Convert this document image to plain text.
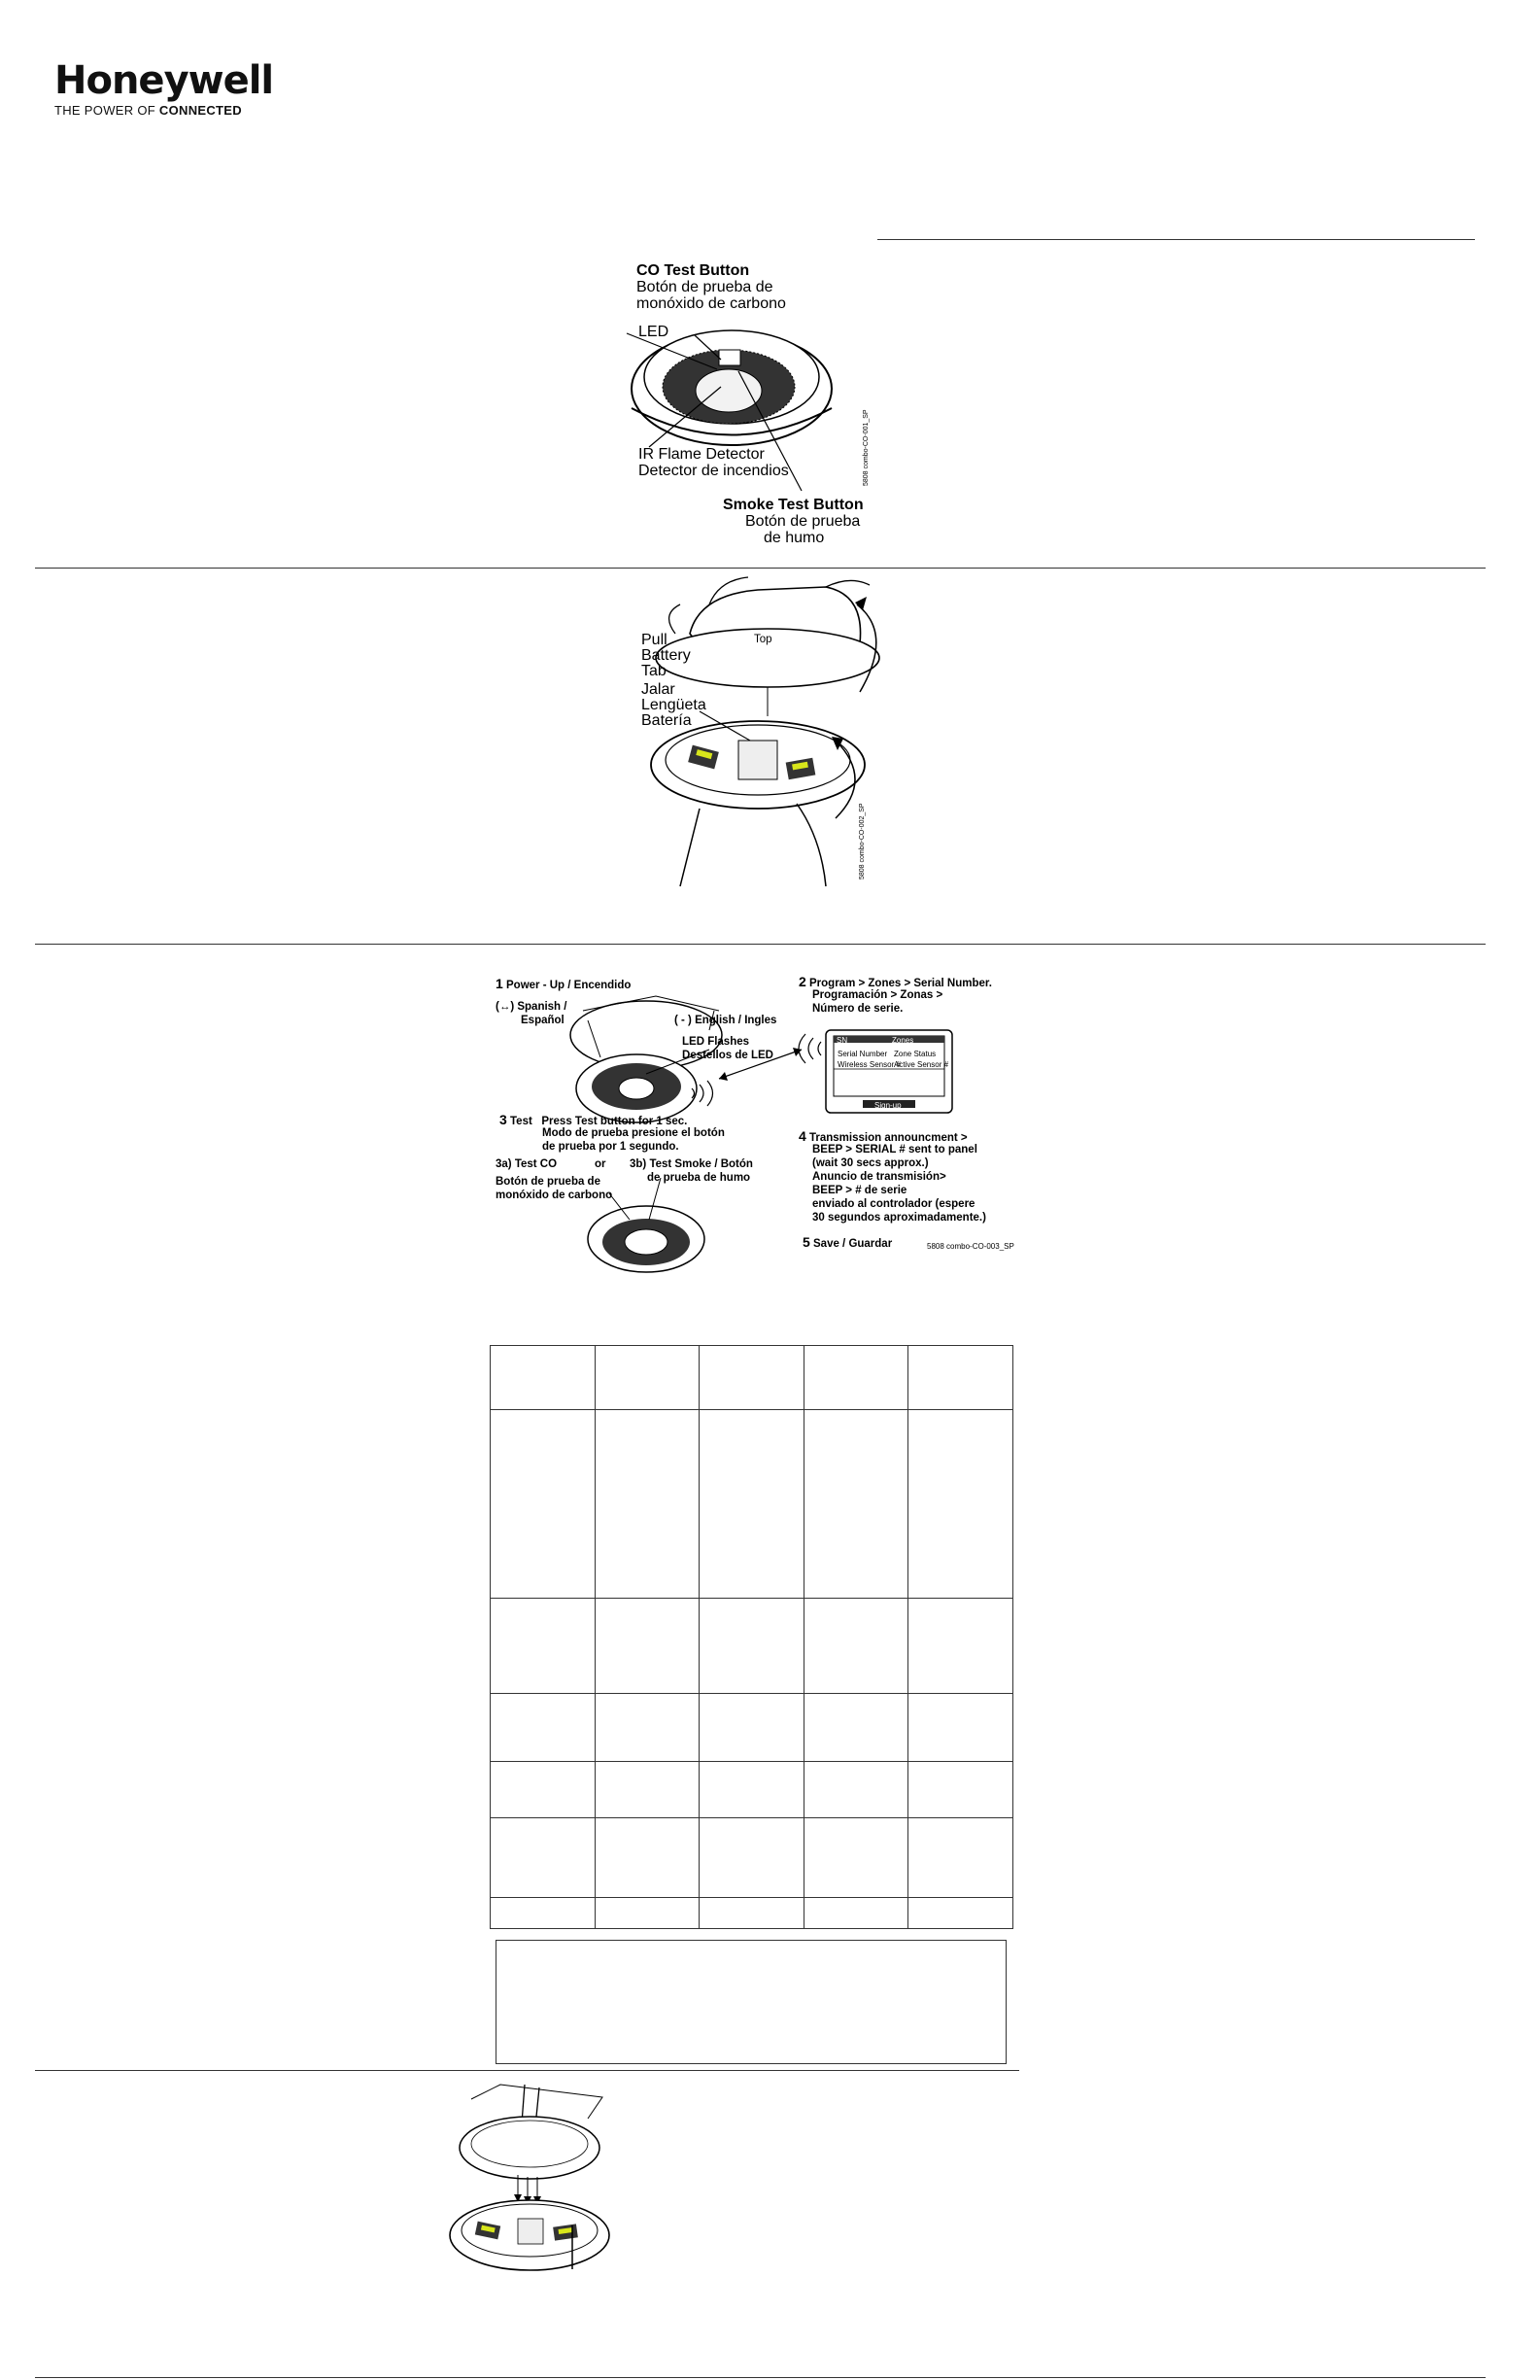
Honeywell
THE POWER OF CONNECTED
CO Test Button
Botón de prueba de
monóxido de carbono
LED
IR Flame Detector
Detector de incendios
Smoke Test Button
Botón de prueba
de humo
5808 combo-CO-001_SP
Pull
Battery
Tab
Jalar
Lengüeta
Batería
Top
5808 combo-CO-002_SP
1 Power - Up / Encendido
(↔) Spanish /
Español	( - ) English / Ingles
LED Flashes
Destellos de LED
2 Program > Zones > Serial Number.
Programación > Zonas >
Número de serie.
SN	Zones
Serial Number Zone Status
Wireless Sensor #
Active Sensor #
Sign-up
3 Test Press Test button for 1 sec.
Modo de prueba presione el botón
de prueba por 1 segundo.
3a) Test CO	or 3b) Test Smoke / Botón
de prueba de humo
Botón de prueba de
monóxido de carbono
4 Transmission announcment >
BEEP > SERIAL # sent to panel
(wait 30 secs approx.)
Anuncio de transmisión>
BEEP > # de serie
enviado al controlador (espere
30 segundos aproximadamente.)
5 Save / Guardar	5808 combo-CO-003_SP
